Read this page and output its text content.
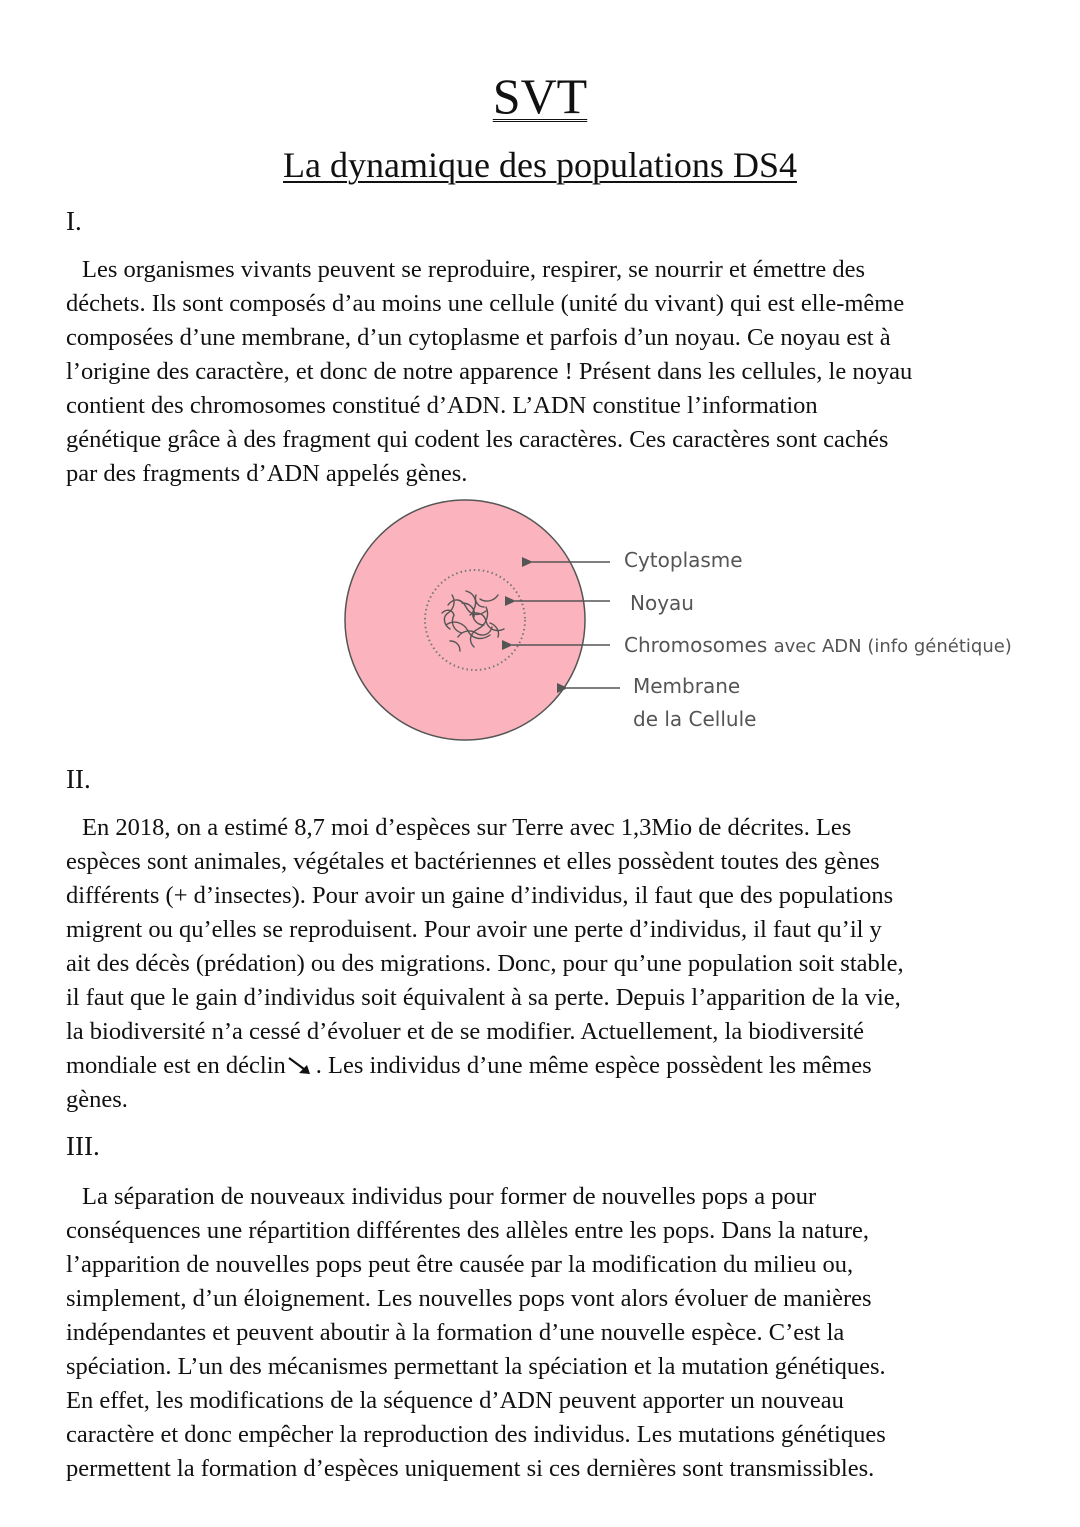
SVT
La dynamique des populations DS4
I.
Les organismes vivants peuvent se reproduire, respirer, se nourrir et émettre des
déchets. Ils sont composés d’au moins une cellule (unité du vivant) qui est elle-même
composées d’une membrane, d’un cytoplasme et parfois d’un noyau. Ce noyau est à
l’origine des caractère, et donc de notre apparence ! Présent dans les cellules, le noyau
contient des chromosomes constitué d’ADN. L’ADN constitue l’information
génétique grâce à des fragment qui codent les caractères. Ces caractères sont cachés
par des fragments d’ADN appelés gènes.
Cytoplasme
Noyau
Chromosomes avec ADN (info génétique)
Membrane
de la Cellule
II.
En 2018, on a estimé 8,7 moi d’espèces sur Terre avec 1,3Mio de décrites. Les
espèces sont animales, végétales et bactériennes et elles possèdent toutes des gènes
différents (+ d’insectes). Pour avoir un gaine d’individus, il faut que des populations
migrent ou qu’elles se reproduisent. Pour avoir une perte d’individus, il faut qu’il y
ait des décès (prédation) ou des migrations. Donc, pour qu’une population soit stable,
il faut que le gain d’individus soit équivalent à sa perte. Depuis l’apparition de la vie,
la biodiversité n’a cessé d’évoluer et de se modifier. Actuellement, la biodiversité
mondiale est en déclin . Les individus d’une même espèce possèdent les mêmes
gènes.
III.
La séparation de nouveaux individus pour former de nouvelles pops a pour
conséquences une répartition différentes des allèles entre les pops. Dans la nature,
l’apparition de nouvelles pops peut être causée par la modification du milieu ou,
simplement, d’un éloignement. Les nouvelles pops vont alors évoluer de manières
indépendantes et peuvent aboutir à la formation d’une nouvelle espèce. C’est la
spéciation. L’un des mécanismes permettant la spéciation et la mutation génétiques.
En effet, les modifications de la séquence d’ADN peuvent apporter un nouveau
caractère et donc empêcher la reproduction des individus. Les mutations génétiques
permettent la formation d’espèces uniquement si ces dernières sont transmissibles.
